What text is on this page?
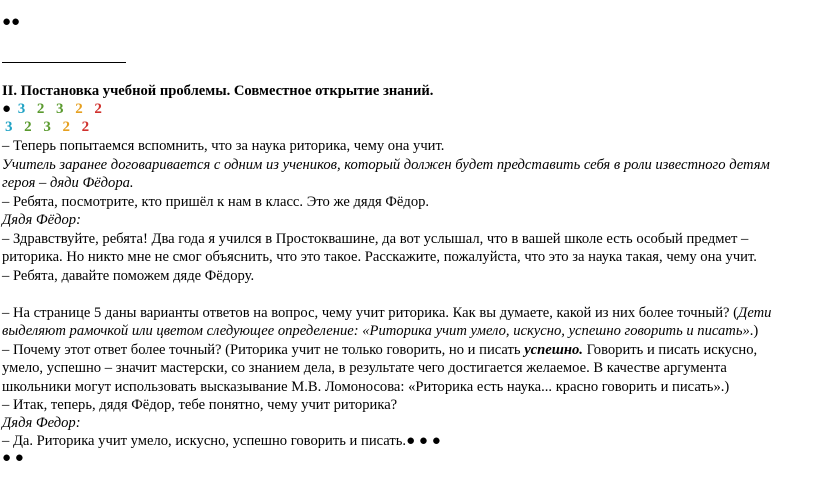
●●
II. Постановка учебной проблемы. Совместное открытие знаний.
● 3 2 3 2 2
3 2 3 2 2
– Теперь попытаемся вспомнить, что за наука риторика, чему она учит.
Учитель заранее договаривается с одним из учеников, который должен будет представить себя в роли известного детям
героя – дяди Фёдора.
– Ребята, посмотрите, кто пришёл к нам в класс. Это же дядя Фёдор.
Дядя Фёдор:
– Здравствуйте, ребята! Два года я учился в Простоквашине, да вот услышал, что в вашей школе есть особый предмет –
риторика. Но никто мне не смог объяснить, что это такое. Расскажите, пожалуйста, что это за наука такая, чему она учит.
– Ребята, давайте поможем дяде Фёдору.
– На странице 5 даны варианты ответов на вопрос, чему учит риторика. Как вы думаете, какой из них более точный? (Дети
выделяют рамочкой или цветом следующее определение: «Риторика учит умело, искусно, успешно говорить и писать».)
– Почему этот ответ более точный? (Риторика учит не только говорить, но и писать успешно. Говорить и писать искусно,
умело, успешно – значит мастерски, со знанием дела, в результате чего достигается желаемое. В качестве аргумента
школьники могут использовать высказывание М.В. Ломоносова: «Риторика есть наука... красно говорить и писать».)
– Итак, теперь, дядя Фёдор, тебе понятно, чему учит риторика?
Дядя Федор:
– Да. Риторика учит умело, искусно, успешно говорить и писать.● ● ●
● ●
